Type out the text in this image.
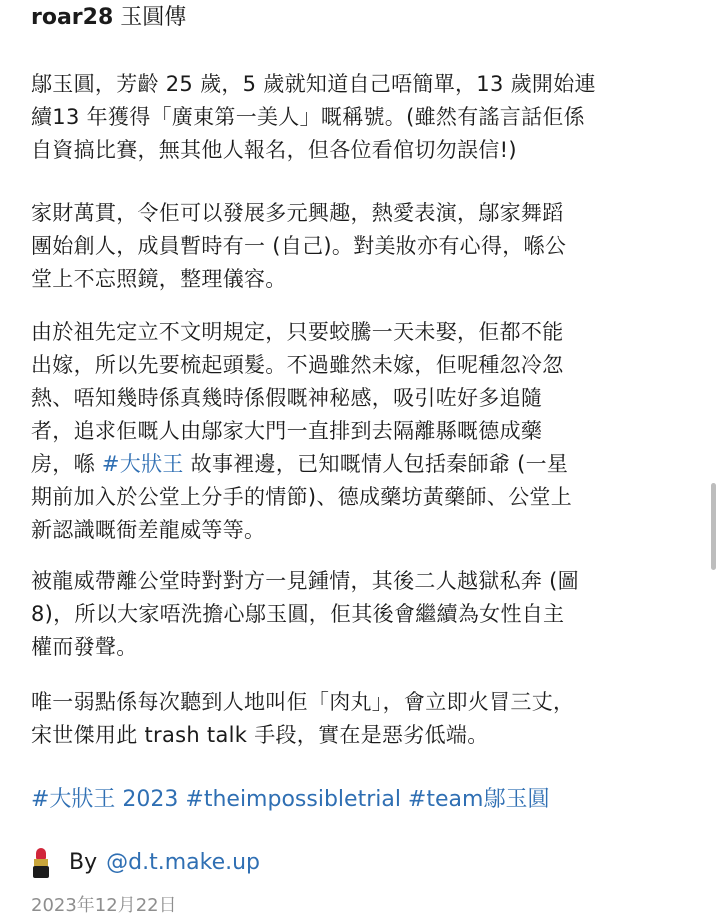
roar28 玉圓傳

鄔玉圓，芳齡 25 歲，5 歲就知道自己唔簡單，13 歲開始連
續13 年獲得「廣東第一美人」嘅稱號。(雖然有謠言話佢係
自資搞比賽，無其他人報名，但各位看倌切勿誤信!)
家財萬貫，令佢可以發展多元興趣，熱愛表演，鄔家舞蹈
團始創人，成員暫時有一 (自己)。對美妝亦有心得，喺公
堂上不忘照鏡，整理儀容。
由於祖先定立不文明規定，只要蛟騰一天未娶，佢都不能
出嫁，所以先要梳起頭髮。不過雖然未嫁，佢呢種忽冷忽
熱、唔知幾時係真幾時係假嘅神秘感，吸引咗好多追隨
者，追求佢嘅人由鄔家大門一直排到去隔離縣嘅德成藥
房，喺 #大狀王 故事裡邊，已知嘅情人包括秦師爺 (一星
期前加入於公堂上分手的情節)、德成藥坊黃藥師、公堂上
新認識嘅衙差龍威等等。
被龍威帶離公堂時對對方一見鍾情，其後二人越獄私奔 (圖
8)，所以大家唔洗擔心鄔玉圓，佢其後會繼續為女性自主
權而發聲。
唯一弱點係每次聽到人地叫佢「肉丸」，會立即火冒三丈，
宋世傑用此 trash talk 手段，實在是惡劣低端。

#大狀王 2023 #theimpossibletrial #team鄔玉圓

By @d.t.make.up
2023年12月22日
